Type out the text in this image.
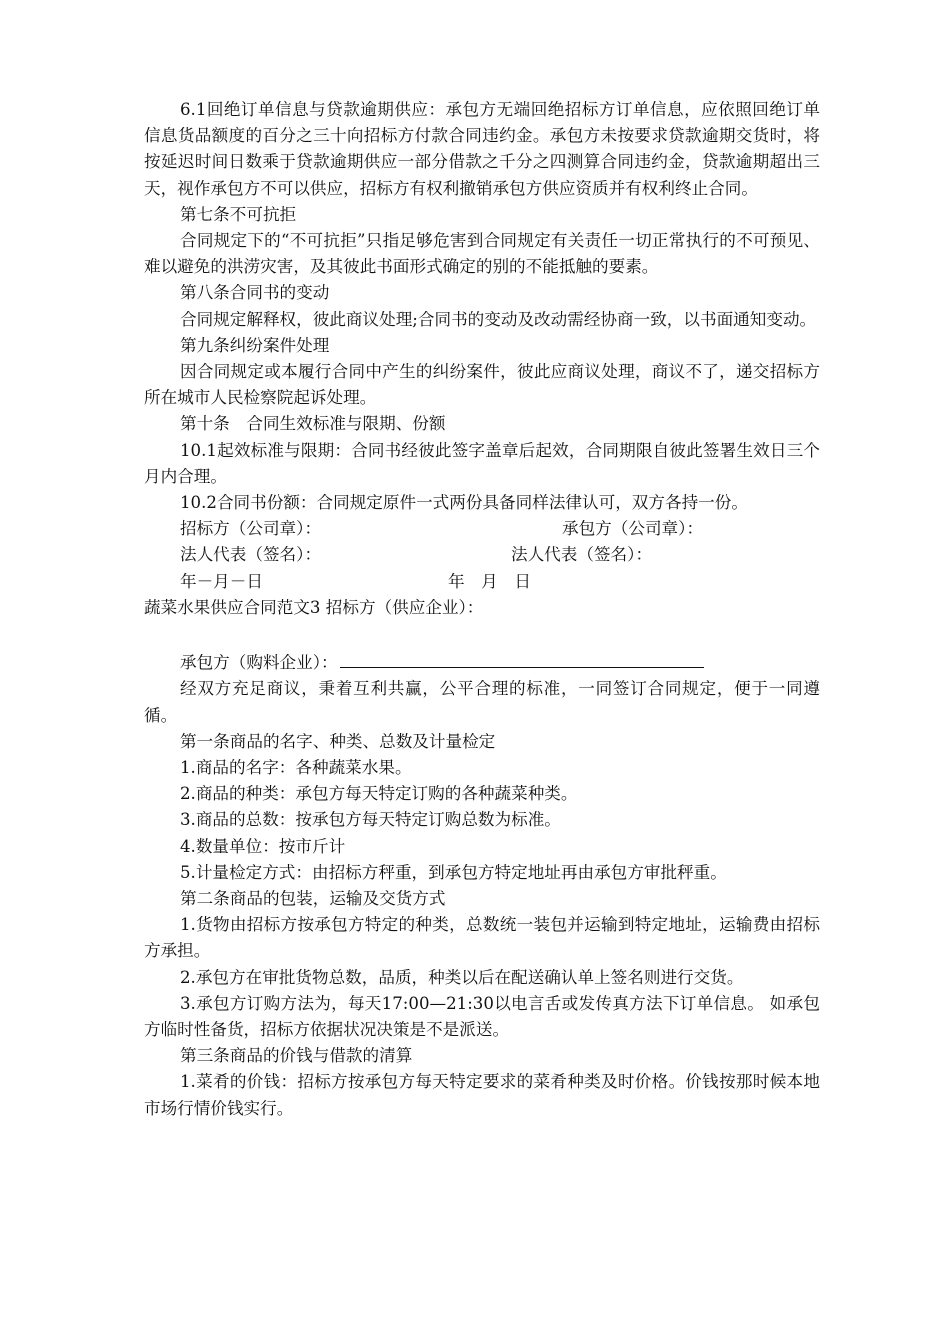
6.1回绝订单信息与贷款逾期供应：承包方无端回绝招标方订单信息，应依照回绝订单信息货品额度的百分之三十向招标方付款合同违约金。承包方未按要求贷款逾期交货时，将按延迟时间日数乘于贷款逾期供应一部分借款之千分之四测算合同违约金，贷款逾期超出三天，视作承包方不可以供应，招标方有权利撤销承包方供应资质并有权利终止合同。

第七条不可抗拒

合同规定下的“不可抗拒”只指足够危害到合同规定有关责任一切正常执行的不可预见、难以避免的洪涝灾害，及其彼此书面形式确定的别的不能抵触的要素。

第八条合同书的变动

合同规定解释权，彼此商议处理;合同书的变动及改动需经协商一致，以书面通知变动。

第九条纠纷案件处理

因合同规定或本履行合同中产生的纠纷案件，彼此应商议处理，商议不了，递交招标方所在城市人民检察院起诉处理。

第十条　合同生效标准与限期、份额

10.1起效标准与限期：合同书经彼此签字盖章后起效，合同期限自彼此签署生效日三个月内合理。

10.2合同书份额：合同规定原件一式两份具备同样法律认可，双方各持一份。

招标方（公司章）：	承包方（公司章）：
法人代表（签名）：	法人代表（签名）：
年－月－日	年　月　日

蔬菜水果供应合同范文3 招标方（供应企业）：

承包方（购料企业）：

经双方充足商议，秉着互利共赢，公平合理的标准，一同签订合同规定，便于一同遵循。

第一条商品的名字、种类、总数及计量检定

1.商品的名字：各种蔬菜水果。

2.商品的种类：承包方每天特定订购的各种蔬菜种类。

3.商品的总数：按承包方每天特定订购总数为标准。

4.数量单位：按市斤计

5.计量检定方式：由招标方秤重，到承包方特定地址再由承包方审批秤重。

第二条商品的包装，运输及交货方式

1.货物由招标方按承包方特定的种类，总数统一装包并运输到特定地址，运输费由招标方承担。

2.承包方在审批货物总数，品质，种类以后在配送确认单上签名则进行交货。

3.承包方订购方法为，每天17:00—21:30以电言舌或发传真方法下订单信息。 如承包方临时性备货，招标方依据状况决策是不是派送。

第三条商品的价钱与借款的清算

1.菜肴的价钱：招标方按承包方每天特定要求的菜肴种类及时价格。价钱按那时候本地市场行情价钱实行。
